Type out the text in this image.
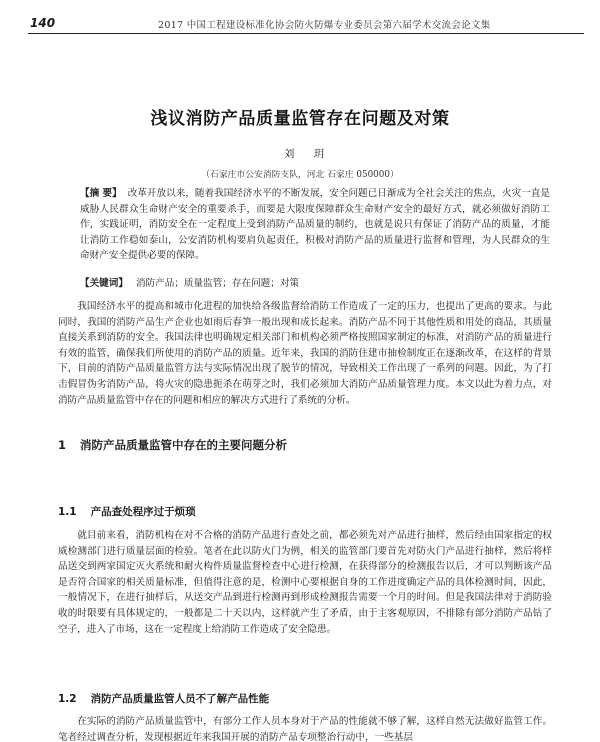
140	2017 中国工程建设标准化协会防火防爆专业委员会第六届学术交流会论文集
浅议消防产品质量监管存在问题及对策
刘 玥
（石家庄市公安消防支队，河北 石家庄 050000）
【摘 要】 改革开放以来，随着我国经济水平的不断发展，安全问题已日渐成为全社会关注的焦点，火灾一直是威胁人民群众生命财产安全的重要杀手，而要是大限度保障群众生命财产安全的最好方式，就必须做好消防工作，实践证明，消防安全在一定程度上受到消防产品质量的制约，也就是说只有保证了消防产品的质量，才能让消防工作稳如泰山，公安消防机构要肩负起责任，积极对消防产品的质量进行监督和管理，为人民群众的生命财产安全提供必要的保障。
【关键词】 消防产品；质量监管；存在问题；对策

我国经济水平的提高和城市化进程的加快给各级监督给消防工作造成了一定的压力，也提出了更高的要求。与此同时，我国的消防产品生产企业也如雨后春笋一般出现和成长起来。消防产品不同于其他性质和用处的商品，其质量直接关系到消防的安全。我国法律也明确规定相关部门和机构必须严格按照国家制定的标准，对消防产品的质量进行有效的监管，确保我们所使用的消防产品的质量。近年来，我国的消防住建市抽检制度正在逐渐改革，在这样的背景下，目前的消防产品质量监管方法与实际情况出现了脱节的情况，导致相关工作出现了一系列的问题。因此，为了打击假冒伪劣消防产品，将火灾的隐患扼杀在萌芽之时，我们必须加大消防产品质量管理力度。本文以此为着力点，对消防产品质量监管中存在的问题和相应的解决方式进行了系统的分析。

1 消防产品质量监管中存在的主要问题分析
1.1 产品查处程序过于烦琐

就目前来看，消防机构在对不合格的消防产品进行查处之前，都必须先对产品进行抽样，然后经由国家指定的权威检测部门进行质量层面的检验。笔者在此以防火门为例，相关的监管部门要首先对防火门产品进行抽样，然后将样品送交到两家国定灭火系统和耐火构件质量监督检查中心进行检测，在获得部分的检测报告以后，才可以判断该产品是否符合国家的相关质量标准，但值得注意的是，检测中心要根据自身的工作进度确定产品的具体检测时间，因此，一般情况下，在进行抽样后，从送交产品到进行检测再到形成检测报告需要一个月的时间。但是我国法律对于消防验收的时限要有具体规定的，一般都是二十天以内，这样就产生了矛盾，由于主客观原因，不排除有部分消防产品钻了空子，进入了市场，这在一定程度上给消防工作造成了安全隐患。

1.2 消防产品质量监管人员不了解产品性能

在实际的消防产品质量监管中，有部分工作人员本身对于产品的性能就不够了解，这样自然无法做好监管工作。笔者经过调查分析，发现根据近年来我国开展的消防产品专项整治行动中，一些基层
